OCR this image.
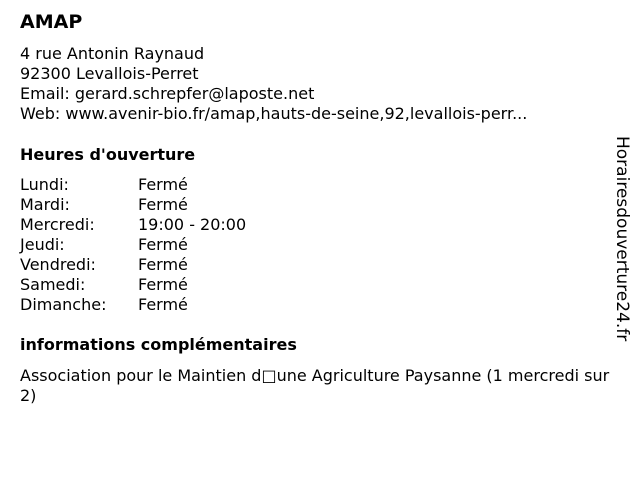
AMAP
4 rue Antonin Raynaud
92300 Levallois-Perret
Email: gerard.schrepfer@laposte.net
Web: www.avenir-bio.fr/amap,hauts-de-seine,92,levallois-perr...
Heures d'ouverture
Lundi:	Fermé
Mardi:	Fermé
Mercredi:	19:00 - 20:00
Jeudi:	Fermé
Vendredi:	Fermé
Samedi:	Fermé
Dimanche:	Fermé
informations complémentaires
Association pour le Maintien d□une Agriculture Paysanne (1 mercredi sur 2)
Horairesdouverture24.fr
